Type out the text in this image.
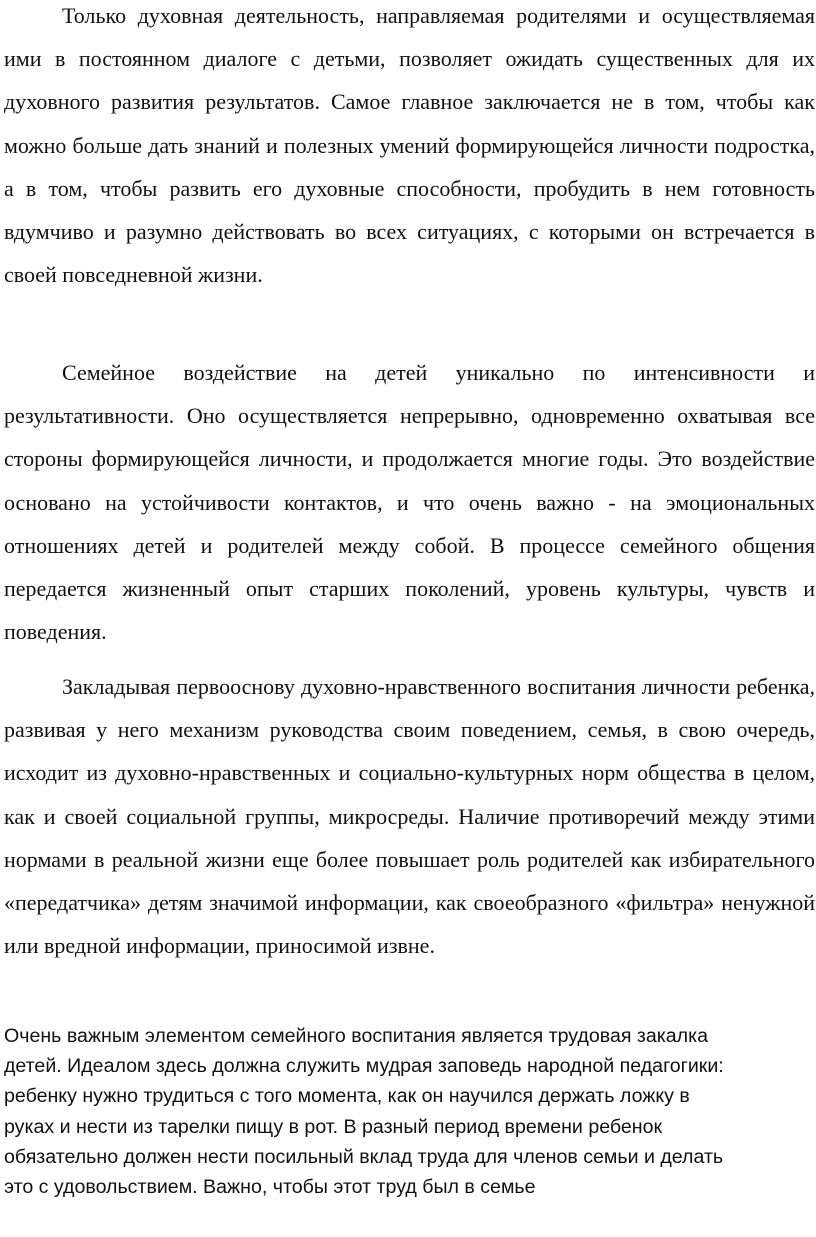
Только духовная деятельность, направляемая родителями и осуществляемая ими в постоянном диалоге с детьми, позволяет ожидать существенных для их духовного развития результатов. Самое главное заключается не в том, чтобы как можно больше дать знаний и полезных умений формирующейся личности подростка, а в том, чтобы развить его духовные способности, пробудить в нем готовность вдумчиво и разумно действовать во всех ситуациях, с которыми он встречается в своей повседневной жизни.

Семейное воздействие на детей уникально по интенсивности и результативности. Оно осуществляется непрерывно, одновременно охватывая все стороны формирующейся личности, и продолжается многие годы. Это воздействие основано на устойчивости контактов, и что очень важно - на эмоциональных отношениях детей и родителей между собой. В процессе семейного общения передается жизненный опыт старших поколений, уровень культуры, чувств и поведения.

Закладывая первооснову духовно-нравственного воспитания личности ребенка, развивая у него механизм руководства своим поведением, семья, в свою очередь, исходит из духовно-нравственных и социально-культурных норм общества в целом, как и своей социальной группы, микросреды. Наличие противоречий между этими нормами в реальной жизни еще более повышает роль родителей как избирательного «передатчика» детям значимой информации, как своеобразного «фильтра» ненужной или вредной информации, приносимой извне.

Очень важным элементом семейного воспитания является трудовая закалка
детей. Идеалом здесь должна служить мудрая заповедь народной педагогики:
ребенку нужно трудиться с того момента, как он научился держать ложку в
руках и нести из тарелки пищу в рот. В разный период времени ребенок
обязательно должен нести посильный вклад труда для членов семьи и делать
это с удовольствием. Важно, чтобы этот труд был в семье
